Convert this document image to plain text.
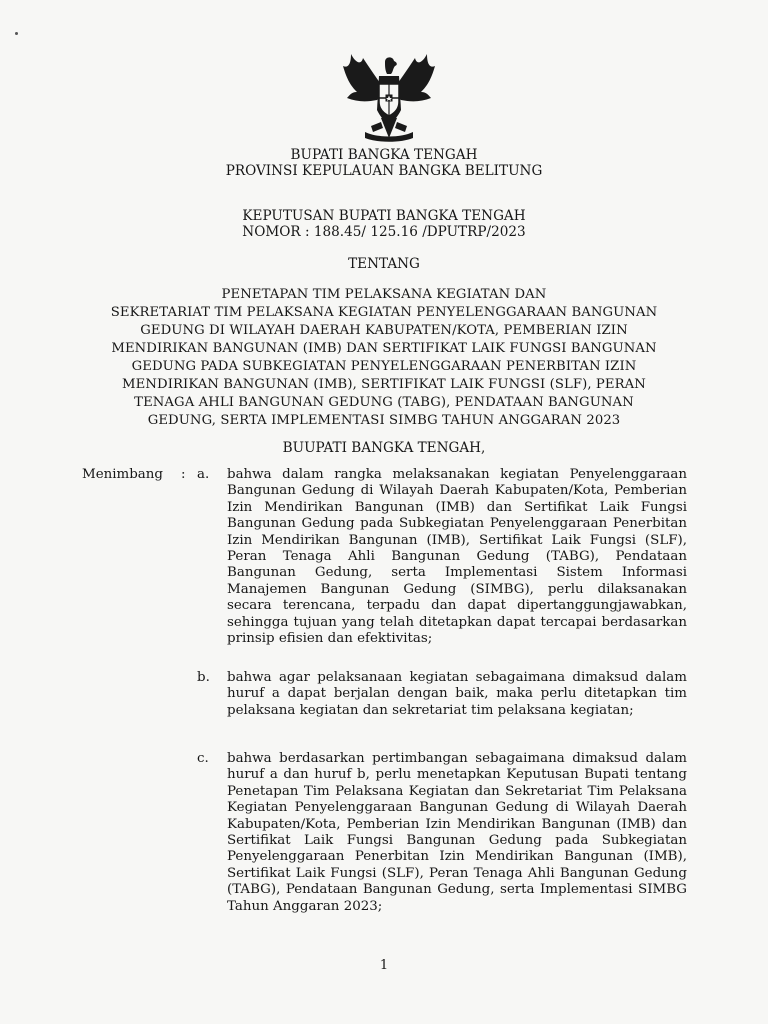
BUPATI BANGKA TENGAH
PROVINSI KEPULAUAN BANGKA BELITUNG
KEPUTUSAN BUPATI BANGKA TENGAH
NOMOR : 188.45/ 125.16 /DPUTRP/2023
TENTANG
PENETAPAN TIM PELAKSANA KEGIATAN DAN
SEKRETARIAT TIM PELAKSANA KEGIATAN PENYELENGGARAAN BANGUNAN
GEDUNG DI WILAYAH DAERAH KABUPATEN/KOTA, PEMBERIAN IZIN
MENDIRIKAN BANGUNAN (IMB) DAN SERTIFIKAT LAIK FUNGSI BANGUNAN
GEDUNG PADA SUBKEGIATAN PENYELENGGARAAN PENERBITAN IZIN
MENDIRIKAN BANGUNAN (IMB), SERTIFIKAT LAIK FUNGSI (SLF), PERAN
TENAGA AHLI BANGUNAN GEDUNG (TABG), PENDATAAN BANGUNAN
GEDUNG, SERTA IMPLEMENTASI SIMBG TAHUN ANGGARAN 2023
BUUPATI BANGKA TENGAH,
Menimbang : a. bahwa dalam rangka melaksanakan kegiatan Penyelenggaraan Bangunan Gedung di Wilayah Daerah Kabupaten/Kota, Pemberian Izin Mendirikan Bangunan (IMB) dan Sertifikat Laik Fungsi Bangunan Gedung pada Subkegiatan Penyelenggaraan Penerbitan Izin Mendirikan Bangunan (IMB), Sertifikat Laik Fungsi (SLF), Peran Tenaga Ahli Bangunan Gedung (TABG), Pendataan Bangunan Gedung, serta Implementasi Sistem Informasi Manajemen Bangunan Gedung (SIMBG), perlu dilaksanakan secara terencana, terpadu dan dapat dipertanggungjawabkan, sehingga tujuan yang telah ditetapkan dapat tercapai berdasarkan prinsip efisien dan efektivitas;
b. bahwa agar pelaksanaan kegiatan sebagaimana dimaksud dalam huruf a dapat berjalan dengan baik, maka perlu ditetapkan tim pelaksana kegiatan dan sekretariat tim pelaksana kegiatan;
c. bahwa berdasarkan pertimbangan sebagaimana dimaksud dalam huruf a dan huruf b, perlu menetapkan Keputusan Bupati tentang Penetapan Tim Pelaksana Kegiatan dan Sekretariat Tim Pelaksana Kegiatan Penyelenggaraan Bangunan Gedung di Wilayah Daerah Kabupaten/Kota, Pemberian Izin Mendirikan Bangunan (IMB) dan Sertifikat Laik Fungsi Bangunan Gedung pada Subkegiatan Penyelenggaraan Penerbitan Izin Mendirikan Bangunan (IMB), Sertifikat Laik Fungsi (SLF), Peran Tenaga Ahli Bangunan Gedung (TABG), Pendataan Bangunan Gedung, serta Implementasi SIMBG Tahun Anggaran 2023;
1
